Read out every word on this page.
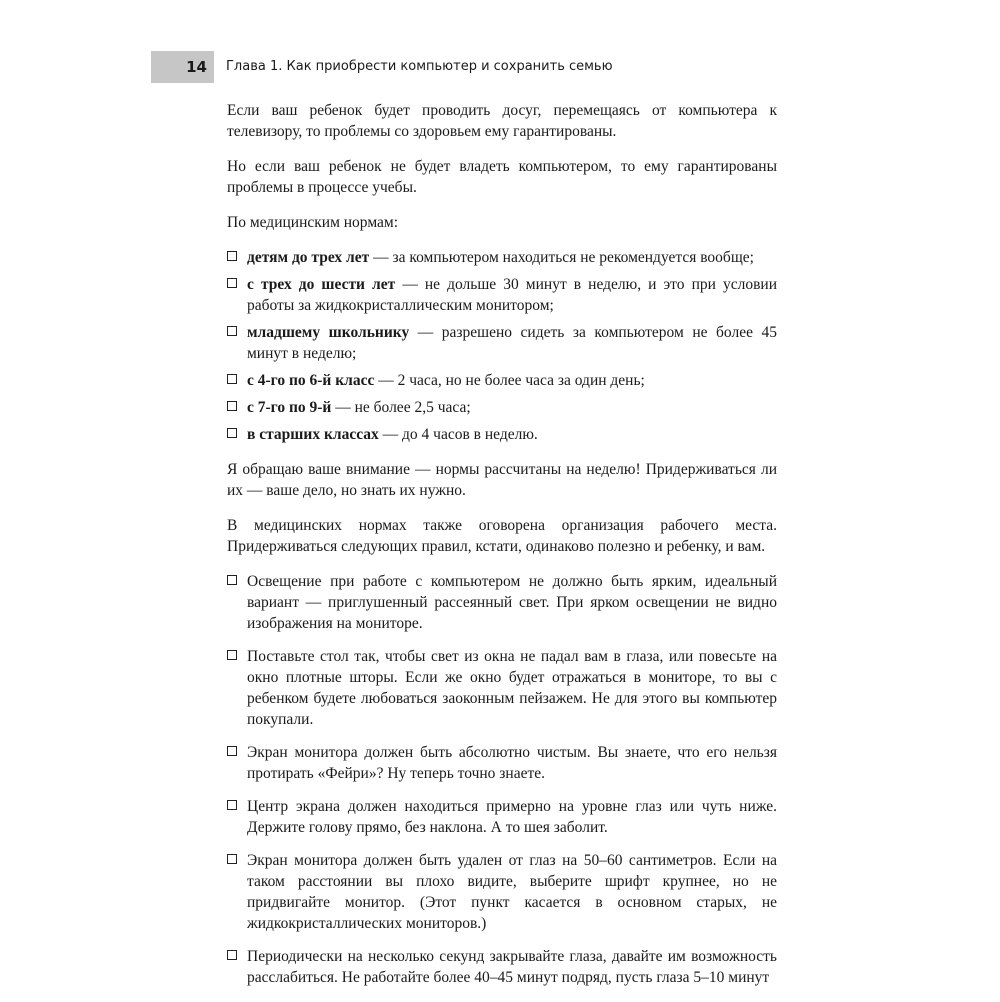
14	Глава 1. Как приобрести компьютер и сохранить семью

Если ваш ребенок будет проводить досуг, перемещаясь от компьютера к телевизору, то проблемы со здоровьем ему гарантированы.

Но если ваш ребенок не будет владеть компьютером, то ему гарантированы проблемы в процессе учебы.

По медицинским нормам:

детям до трех лет — за компьютером находиться не рекомендуется вообще;
с трех до шести лет — не дольше 30 минут в неделю, и это при условии работы за жидкокристаллическим монитором;
младшему школьнику — разрешено сидеть за компьютером не более 45 минут в неделю;
с 4-го по 6-й класс — 2 часа, но не более часа за один день;
с 7-го по 9-й — не более 2,5 часа;
в старших классах — до 4 часов в неделю.

Я обращаю ваше внимание — нормы рассчитаны на неделю! Придерживаться ли их — ваше дело, но знать их нужно.

В медицинских нормах также оговорена организация рабочего места. Придерживаться следующих правил, кстати, одинаково полезно и ребенку, и вам.

Освещение при работе с компьютером не должно быть ярким, идеальный вариант — приглушенный рассеянный свет. При ярком освещении не видно изображения на мониторе.
Поставьте стол так, чтобы свет из окна не падал вам в глаза, или повесьте на окно плотные шторы. Если же окно будет отражаться в мониторе, то вы с ребенком будете любоваться заоконным пейзажем. Не для этого вы компьютер покупали.
Экран монитора должен быть абсолютно чистым. Вы знаете, что его нельзя протирать «Фейри»? Ну теперь точно знаете.
Центр экрана должен находиться примерно на уровне глаз или чуть ниже. Держите голову прямо, без наклона. А то шея заболит.
Экран монитора должен быть удален от глаз на 50–60 сантиметров. Если на таком расстоянии вы плохо видите, выберите шрифт крупнее, но не придвигайте монитор. (Этот пункт касается в основном старых, не жидкокристаллических мониторов.)
Периодически на несколько секунд закрывайте глаза, давайте им возможность расслабиться. Не работайте более 40–45 минут подряд, пусть глаза 5–10 минут
